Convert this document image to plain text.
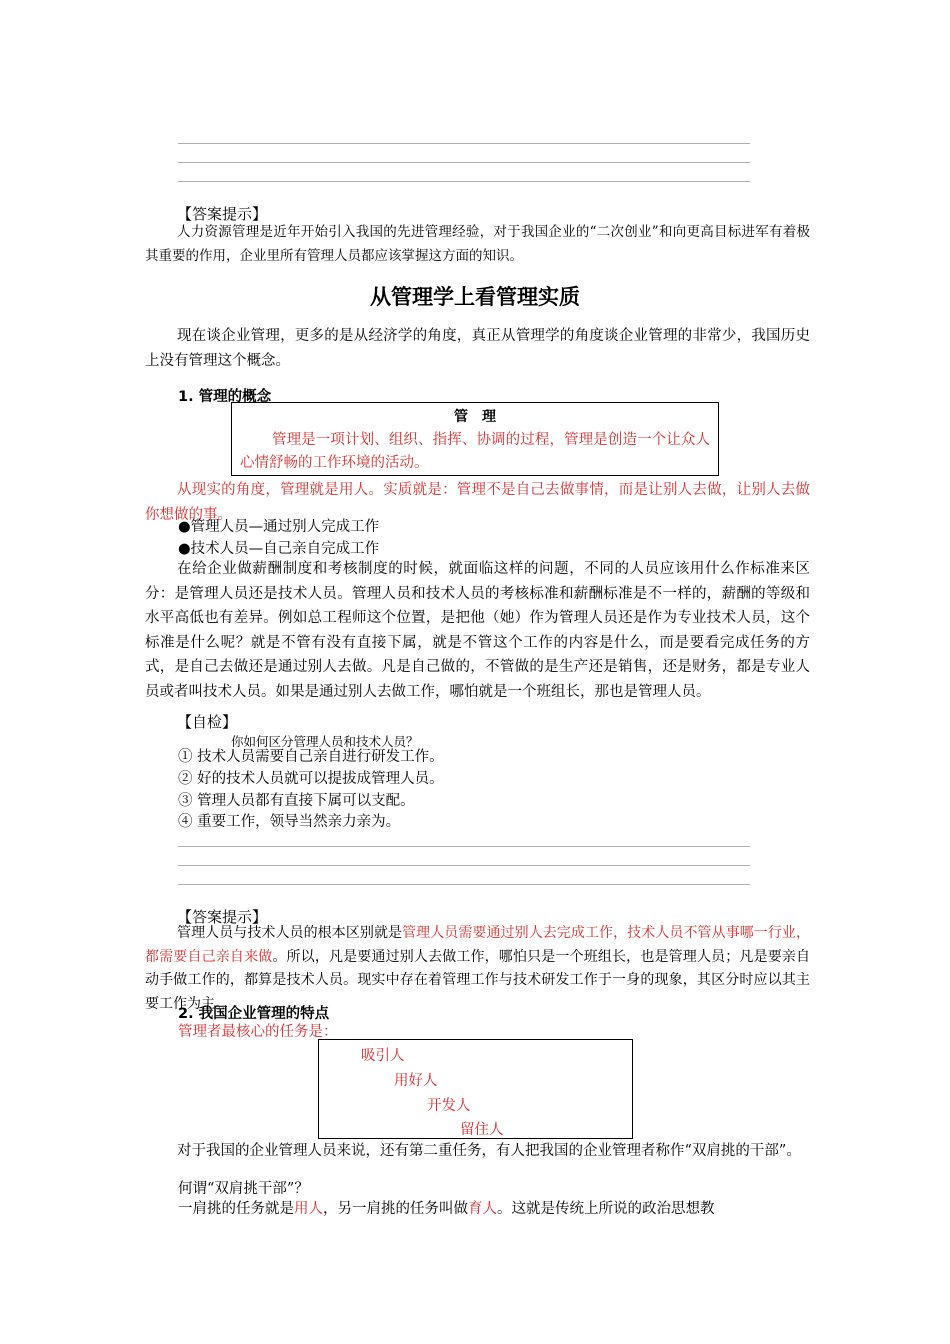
【答案提示】
人力资源管理是近年开始引入我国的先进管理经验，对于我国企业的“二次创业”和向更高目标进军有着极其重要的作用，企业里所有管理人员都应该掌握这方面的知识。
从管理学上看管理实质
现在谈企业管理，更多的是从经济学的角度，真正从管理学的角度谈企业管理的非常少，我国历史上没有管理这个概念。
1. 管理的概念
管　理
管理是一项计划、组织、指挥、协调的过程，管理是创造一个让众人心情舒畅的工作环境的活动。
从现实的角度，管理就是用人。实质就是：管理不是自己去做事情，而是让别人去做，让别人去做你想做的事。
●管理人员—通过别人完成工作
●技术人员—自己亲自完成工作
在给企业做薪酬制度和考核制度的时候，就面临这样的问题，不同的人员应该用什么作标准来区分：是管理人员还是技术人员。管理人员和技术人员的考核标准和薪酬标准是不一样的，薪酬的等级和水平高低也有差异。例如总工程师这个位置，是把他（她）作为管理人员还是作为专业技术人员，这个标准是什么呢？就是不管有没有直接下属，就是不管这个工作的内容是什么，而是要看完成任务的方式，是自己去做还是通过别人去做。凡是自己做的，不管做的是生产还是销售，还是财务，都是专业人员或者叫技术人员。如果是通过别人去做工作，哪怕就是一个班组长，那也是管理人员。
【自检】
你如何区分管理人员和技术人员？
① 技术人员需要自己亲自进行研发工作。
② 好的技术人员就可以提拔成管理人员。
③ 管理人员都有直接下属可以支配。
④ 重要工作，领导当然亲力亲为。
【答案提示】
管理人员与技术人员的根本区别就是管理人员需要通过别人去完成工作，技术人员不管从事哪一行业，都需要自己亲自来做。所以，凡是要通过别人去做工作，哪怕只是一个班组长，也是管理人员；凡是要亲自动手做工作的，都算是技术人员。现实中存在着管理工作与技术研发工作于一身的现象，其区分时应以其主要工作为主。
2. 我国企业管理的特点
管理者最核心的任务是：
吸引人
用好人
开发人
留住人
对于我国的企业管理人员来说，还有第二重任务，有人把我国的企业管理者称作“双肩挑的干部”。
何谓“双肩挑干部”？
一肩挑的任务就是用人，另一肩挑的任务叫做育人。这就是传统上所说的政治思想教
